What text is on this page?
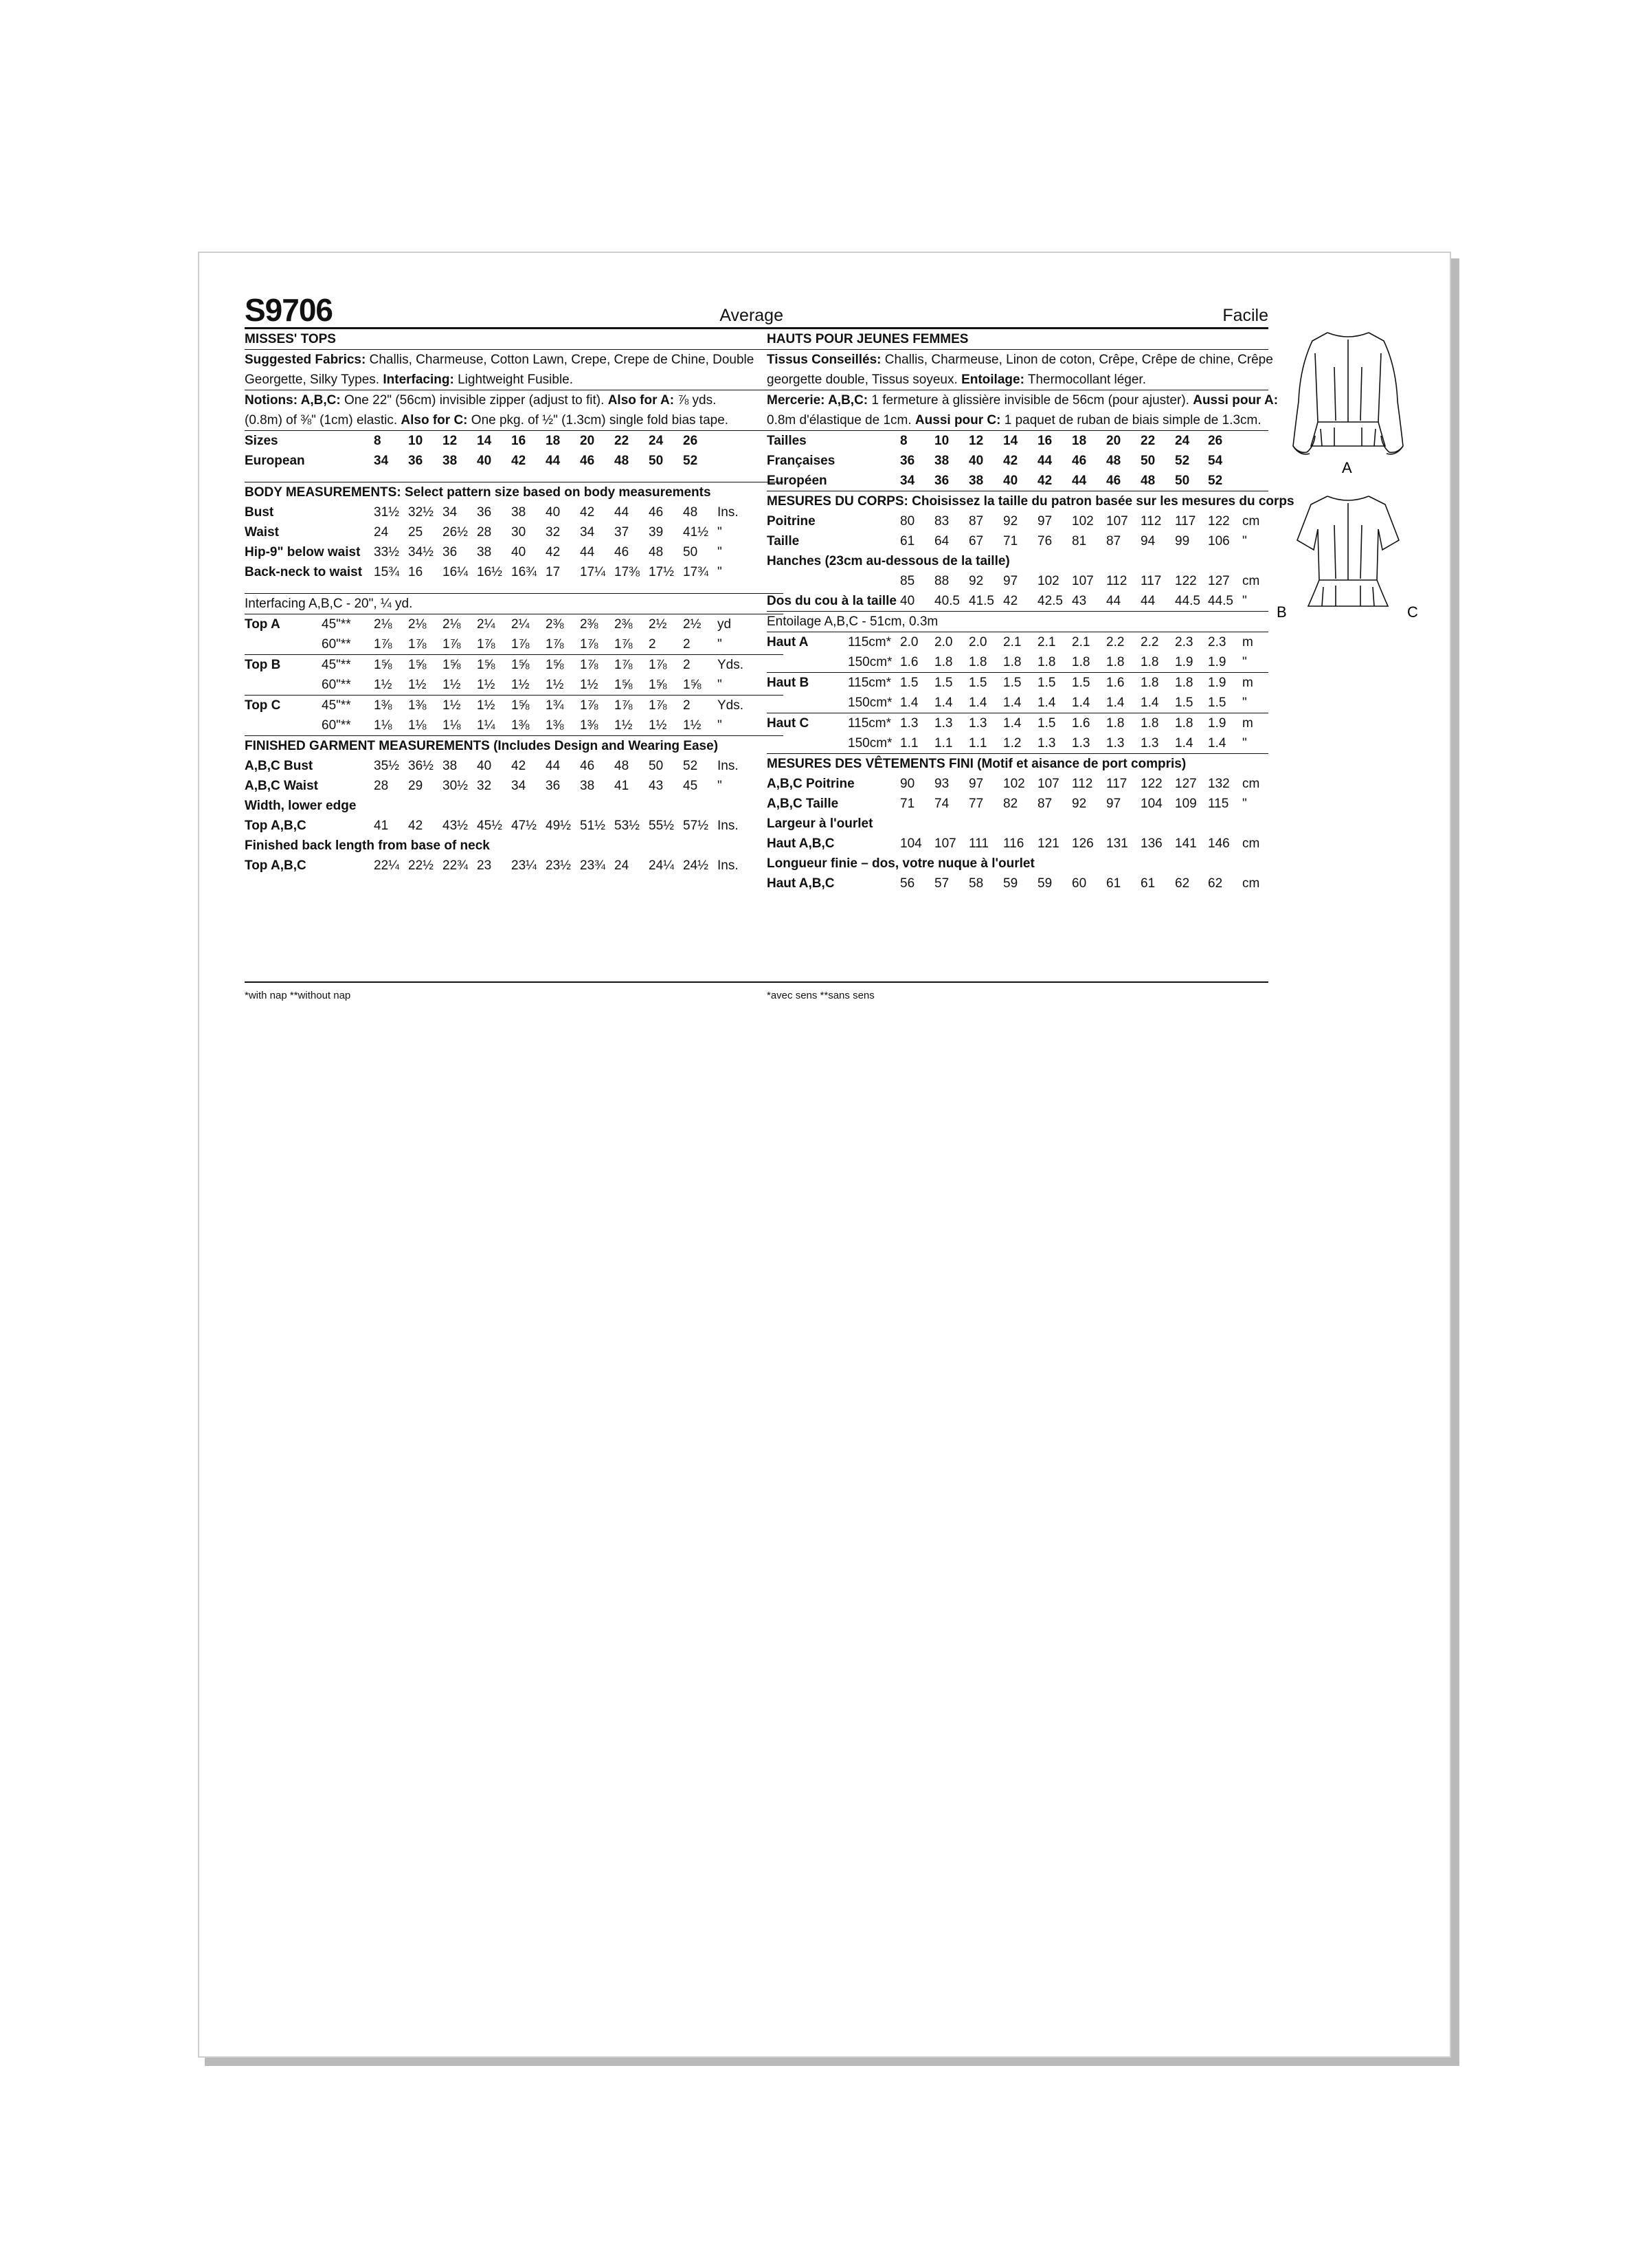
S9706	Average
MISSES' TOPS
Suggested Fabrics: Challis, Charmeuse, Cotton Lawn, Crepe, Crepe de Chine, Double
Georgette, Silky Types. Interfacing: Lightweight Fusible.
Notions: A,B,C: One 22" (56cm) invisible zipper (adjust to fit). Also for A: ⅞ yds.
(0.8m) of ⅜" (1cm) elastic. Also for C: One pkg. of ½" (1.3cm) single fold bias tape.
Sizes	8 10 12 14 16 18 20 22 24 26
European	34 36 38 40 42 44 46 48 50 52
BODY MEASUREMENTS: Select pattern size based on body measurements
Bust	31½ 32½ 34 36 38 40 42 44 46 48 Ins.
Waist	24 25 26½ 28 30 32 34 37 39 41½ "
Hip-9" below waist 33½ 34½ 36 38 40 42 44 46 48 50 "
Back-neck to waist 15¾ 16 16¼ 16½ 16¾ 17 17¼ 17⅜ 17½ 17¾ "
Interfacing A,B,C - 20", ¼ yd.
Top A	45"** 2⅛ 2⅛ 2⅛ 2¼ 2¼ 2⅜ 2⅜ 2⅜ 2½ 2½ yd
60"** 1⅞ 1⅞ 1⅞ 1⅞ 1⅞ 1⅞ 1⅞ 1⅞ 2 2 "
Top B	45"** 1⅝ 1⅝ 1⅝ 1⅝ 1⅝ 1⅝ 1⅞ 1⅞ 1⅞ 2 Yds.
60"** 1½ 1½ 1½ 1½ 1½ 1½ 1½ 1⅝ 1⅝ 1⅝ "
Top C	45"** 1⅜ 1⅜ 1½ 1½ 1⅝ 1¾ 1⅞ 1⅞ 1⅞ 2 Yds.
60"** 1⅛ 1⅛ 1⅛ 1¼ 1⅜ 1⅜ 1⅜ 1½ 1½ 1½ "
FINISHED GARMENT MEASUREMENTS (Includes Design and Wearing Ease)
A,B,C Bust	35½ 36½ 38 40 42 44 46 48 50 52 Ins.
A,B,C Waist	28 29 30½ 32 34 36 38 41 43 45 "
Width, lower edge
Top A,B,C	41 42 43½ 45½ 47½ 49½ 51½ 53½ 55½ 57½ Ins.
Finished back length from base of neck
Top A,B,C	22¼ 22½ 22¾ 23 23¼ 23½ 23¾ 24 24¼ 24½ Ins.
Facile
HAUTS POUR JEUNES FEMMES
Tissus Conseillés: Challis, Charmeuse, Linon de coton, Crêpe, Crêpe de chine, Crêpe
georgette double, Tissus soyeux. Entoilage: Thermocollant léger.
Mercerie: A,B,C: 1 fermeture à glissière invisible de 56cm (pour ajuster). Aussi pour A:
0.8m d'élastique de 1cm. Aussi pour C: 1 paquet de ruban de biais simple de 1.3cm.
Tailles	8 10 12 14 16 18 20 22 24 26
Françaises	36 38 40 42 44 46 48 50 52 54
Européen	34 36 38 40 42 44 46 48 50 52
MESURES DU CORPS: Choisissez la taille du patron basée sur les mesures du corps
Poitrine	80 83 87 92 97 102 107 112 117 122 cm
Taille	61 64 67 71 76 81 87 94 99 106 "
Hanches (23cm au-dessous de la taille)
85 88 92 97 102 107 112 117 122 127 cm
Dos du cou à la taille 40 40.5 41.5 42 42.5 43 44 44 44.5 44.5 "
Entoilage A,B,C - 51cm, 0.3m
Haut A	115cm* 2.0 2.0 2.0 2.1 2.1 2.1 2.2 2.2 2.3 2.3 m
150cm* 1.6 1.8 1.8 1.8 1.8 1.8 1.8 1.8 1.9 1.9 "
Haut B	115cm* 1.5 1.5 1.5 1.5 1.5 1.5 1.6 1.8 1.8 1.9 m
150cm* 1.4 1.4 1.4 1.4 1.4 1.4 1.4 1.4 1.5 1.5 "
Haut C	115cm* 1.3 1.3 1.3 1.4 1.5 1.6 1.8 1.8 1.8 1.9 m
150cm* 1.1 1.1 1.1 1.2 1.3 1.3 1.3 1.3 1.4 1.4 "
MESURES DES VÊTEMENTS FINI (Motif et aisance de port compris)
A,B,C Poitrine	90 93 97 102 107 112 117 122 127 132 cm
A,B,C Taille	71 74 77 82 87 92 97 104 109 115 "
Largeur à l'ourlet
Haut A,B,C	104 107 111 116 121 126 131 136 141 146 cm
Longueur finie – dos, votre nuque à l'ourlet
Haut A,B,C	56 57 58 59 59 60 61 61 62 62 cm
*with nap **without nap	*avec sens **sans sens
A
B	C
